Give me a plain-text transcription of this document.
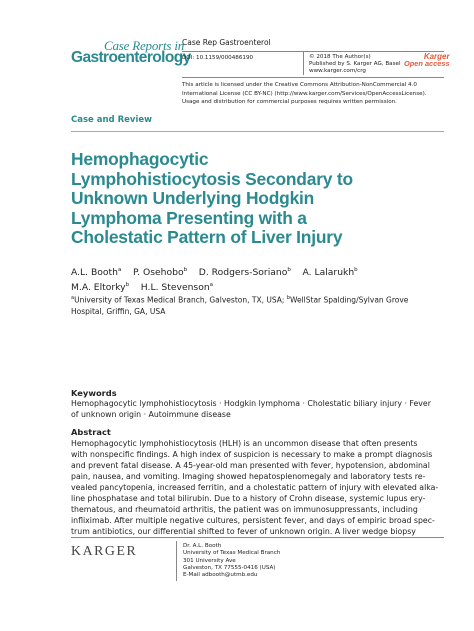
Case Reports in
Gastroenterology
Case Rep Gastroenterol
DOI: 10.1159/000486190	© 2018 The Author(s)
Published by S. Karger AG, Basel
www.karger.com/crg
Karger
Open access
This article is licensed under the Creative Commons Attribution-NonCommercial 4.0
International License (CC BY-NC) (http://www.karger.com/Services/OpenAccessLicense).
Usage and distribution for commercial purposes requires written permission.
Case and Review
Hemophagocytic
Lymphohistiocytosis Secondary to
Unknown Underlying Hodgkin
Lymphoma Presenting with a
Cholestatic Pattern of Liver Injury
A.L. Booth$^a$ P. Osehobo$^b$ D. Rodgers-Soriano$^b$ A. Lalarukh$^b$
M.A. Eltorky$^b$ H.L. Stevenson$^a$
$^a$University of Texas Medical Branch, Galveston, TX, USA; $^b$WellStar Spalding/Sylvan Grove
Hospital, Griffin, GA, USA
Keywords
Hemophagocytic lymphohistiocytosis · Hodgkin lymphoma · Cholestatic biliary injury · Fever
of unknown origin · Autoimmune disease
Abstract
Hemophagocytic lymphohistiocytosis (HLH) is an uncommon disease that often presents
with nonspecific findings. A high index of suspicion is necessary to make a prompt diagnosis
and prevent fatal disease. A 45-year-old man presented with fever, hypotension, abdominal
pain, nausea, and vomiting. Imaging showed hepatosplenomegaly and laboratory tests re-
vealed pancytopenia, increased ferritin, and a cholestatic pattern of injury with elevated alka-
line phosphatase and total bilirubin. Due to a history of Crohn disease, systemic lupus ery-
thematous, and rheumatoid arthritis, the patient was on immunosuppressants, including
infliximab. After multiple negative cultures, persistent fever, and days of empiric broad spec-
trum antibiotics, our differential shifted to fever of unknown origin. A liver wedge biopsy
KARGER	Dr. A.L. Booth
University of Texas Medical Branch
301 University Ave
Galveston, TX 77555-0416 (USA)
E-Mail adbooth@utmb.edu
